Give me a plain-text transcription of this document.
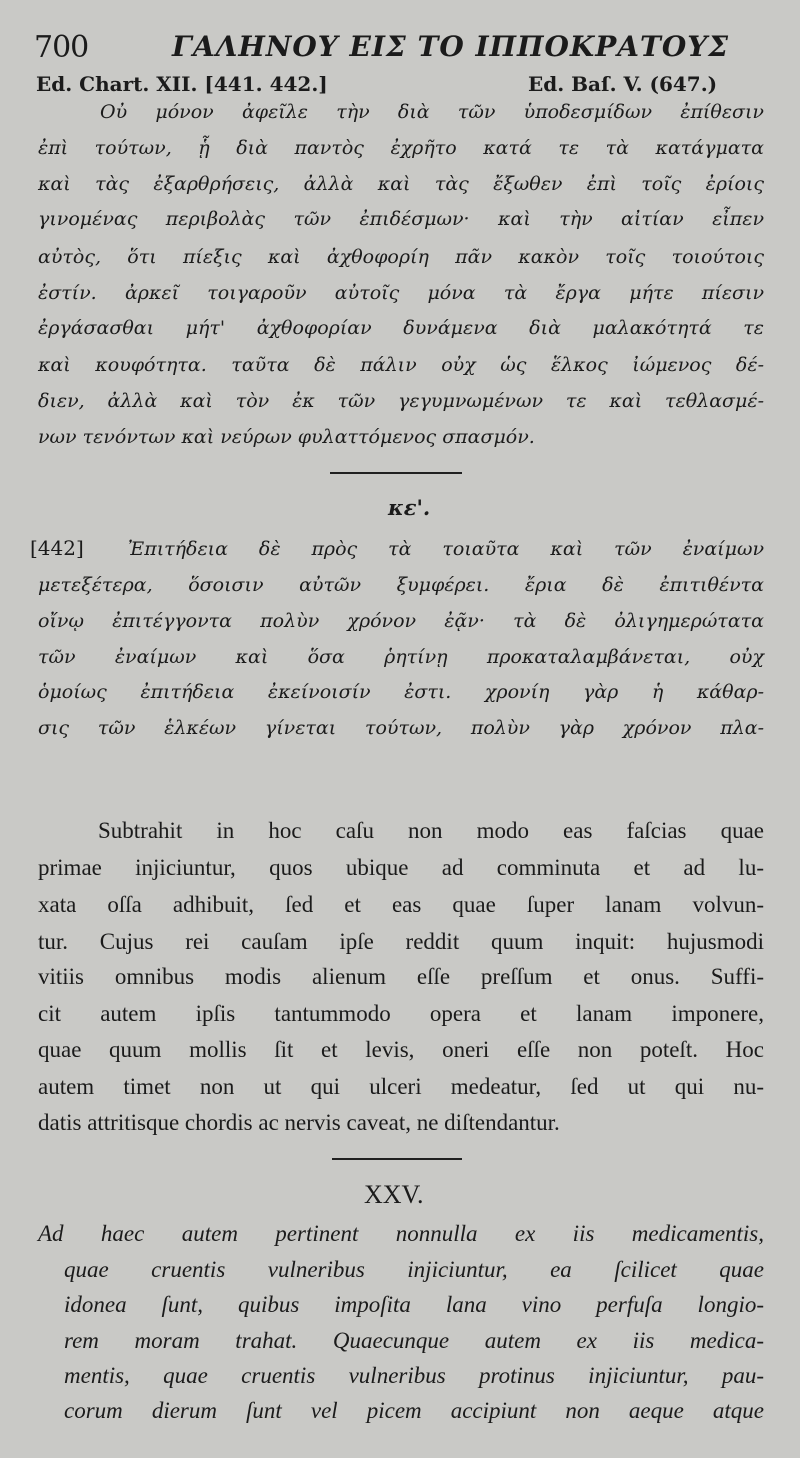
700	ΓΑΛΗΝΟΥ ΕΙΣ ΤΟ ΙΠΠΟΚΡΑΤΟΥΣ
Ed. Chart. XII. [441. 442.]	Ed. Baſ. V. (647.)
Οὐ μόνον ἀφεῖλε τὴν διὰ τῶν ὑποδεσμίδων ἐπίθεσιν
ἐπὶ τούτων, ᾗ διὰ παντὸς ἐχρῆτο κατά τε τὰ κατάγματα
καὶ τὰς ἐξαρθρήσεις, ἀλλὰ καὶ τὰς ἔξωθεν ἐπὶ τοῖς ἐρίοις
γινομένας περιβολὰς τῶν ἐπιδέσμων· καὶ τὴν αἰτίαν εἶπεν
αὐτὸς, ὅτι πίεξις καὶ ἀχθοφορίη πᾶν κακὸν τοῖς τοιούτοις
ἐστίν. ἀρκεῖ τοιγαροῦν αὐτοῖς μόνα τὰ ἔργα μήτε πίεσιν
ἐργάσασθαι μήτ' ἀχθοφορίαν δυνάμενα διὰ μαλακότητά τε
καὶ κουφότητα. ταῦτα δὲ πάλιν οὐχ ὡς ἕλκος ἰώμενος δέ-
διεν, ἀλλὰ καὶ τὸν ἐκ τῶν γεγυμνωμένων τε καὶ τεθλασμέ-
νων τενόντων καὶ νεύρων φυλαττόμενος σπασμόν.
κε'.
[442] Ἐπιτήδεια δὲ πρὸς τὰ τοιαῦτα καὶ τῶν ἐναίμων
μετεξέτερα, ὅσοισιν αὐτῶν ξυμφέρει. ἔρια δὲ ἐπιτιθέντα
οἴνῳ ἐπιτέγγοντα πολὺν χρόνον ἐᾷν· τὰ δὲ ὀλιγημερώτατα
τῶν ἐναίμων καὶ ὅσα ῥητίνῃ προκαταλαμβάνεται, οὐχ
ὁμοίως ἐπιτήδεια ἐκείνοισίν ἐστι. χρονίη γὰρ ἡ κάθαρ-
σις τῶν ἑλκέων γίνεται τούτων, πολὺν γὰρ χρόνον πλα-
Subtrahit in hoc caſu non modo eas faſcias quae
primae injiciuntur, quos ubique ad comminuta et ad lu-
xata oſſa adhibuit, ſed et eas quae ſuper lanam volvun-
tur. Cujus rei cauſam ipſe reddit quum inquit: hujusmodi
vitiis omnibus modis alienum eſſe preſſum et onus. Suffi-
cit autem ipſis tantummodo opera et lanam imponere,
quae quum mollis ſit et levis, oneri eſſe non poteſt. Hoc
autem timet non ut qui ulceri medeatur, ſed ut qui nu-
datis attritisque chordis ac nervis caveat, ne diſtendantur.
XXV.
Ad haec autem pertinent nonnulla ex iis medicamentis,
quae cruentis vulneribus injiciuntur, ea ſcilicet quae
idonea ſunt, quibus impoſita lana vino perfuſa longio-
rem moram trahat. Quaecunque autem ex iis medica-
mentis, quae cruentis vulneribus protinus injiciuntur, pau-
corum dierum ſunt vel picem accipiunt non aeque atque
